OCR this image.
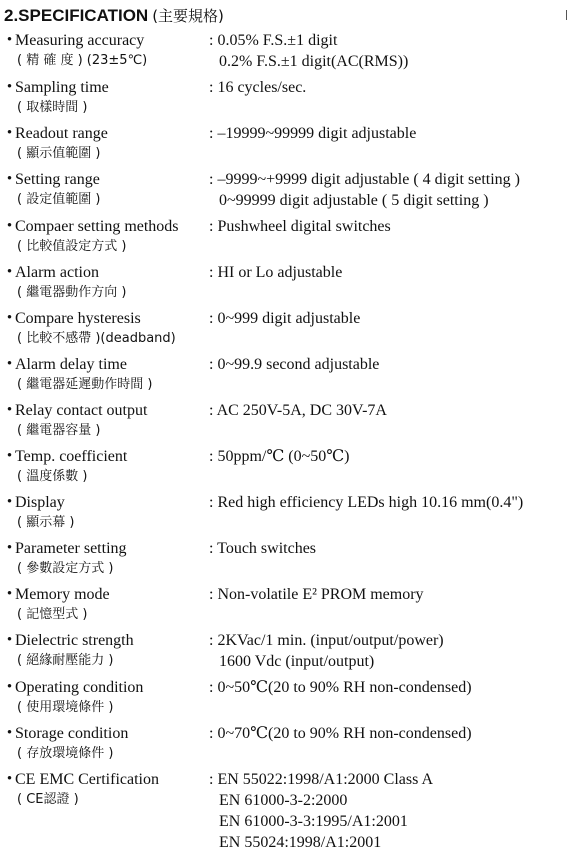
2.SPECIFICATION (主要規格)
• Measuring accuracy
( 精 確 度 ) (23±5℃)
: 0.05% F.S.±1 digit
0.2% F.S.±1 digit(AC(RMS))
• Sampling time
( 取樣時間 )
: 16 cycles/sec.
• Readout range
( 顯示值範圍 )
: –19999~99999 digit adjustable
• Setting range
( 設定值範圍 )
: –9999~+9999 digit adjustable ( 4 digit setting )
0~99999 digit adjustable ( 5 digit setting )
• Compaer setting methods
( 比較值設定方式 )
: Pushwheel digital switches
• Alarm action
( 繼電器動作方向 )
: HI or Lo adjustable
• Compare hysteresis
( 比較不感帶 )(deadband)
: 0~999 digit adjustable
• Alarm delay time
( 繼電器延遲動作時間 )
: 0~99.9 second adjustable
• Relay contact output
( 繼電器容量 )
: AC 250V-5A, DC 30V-7A
• Temp. coefficient
( 溫度係數 )
: 50ppm/℃ (0~50℃)
• Display
( 顯示幕 )
: Red high efficiency LEDs high 10.16 mm(0.4")
• Parameter setting
( 參數設定方式 )
: Touch switches
• Memory mode
( 記憶型式 )
: Non-volatile E² PROM memory
• Dielectric strength
( 絕緣耐壓能力 )
: 2KVac/1 min. (input/output/power)
1600 Vdc (input/output)
• Operating condition
( 使用環境條件 )
: 0~50℃(20 to 90% RH non-condensed)
• Storage condition
( 存放環境條件 )
: 0~70℃(20 to 90% RH non-condensed)
• CE EMC Certification
( CE認證 )
: EN 55022:1998/A1:2000 Class A
EN 61000-3-2:2000
EN 61000-3-3:1995/A1:2001
EN 55024:1998/A1:2001
